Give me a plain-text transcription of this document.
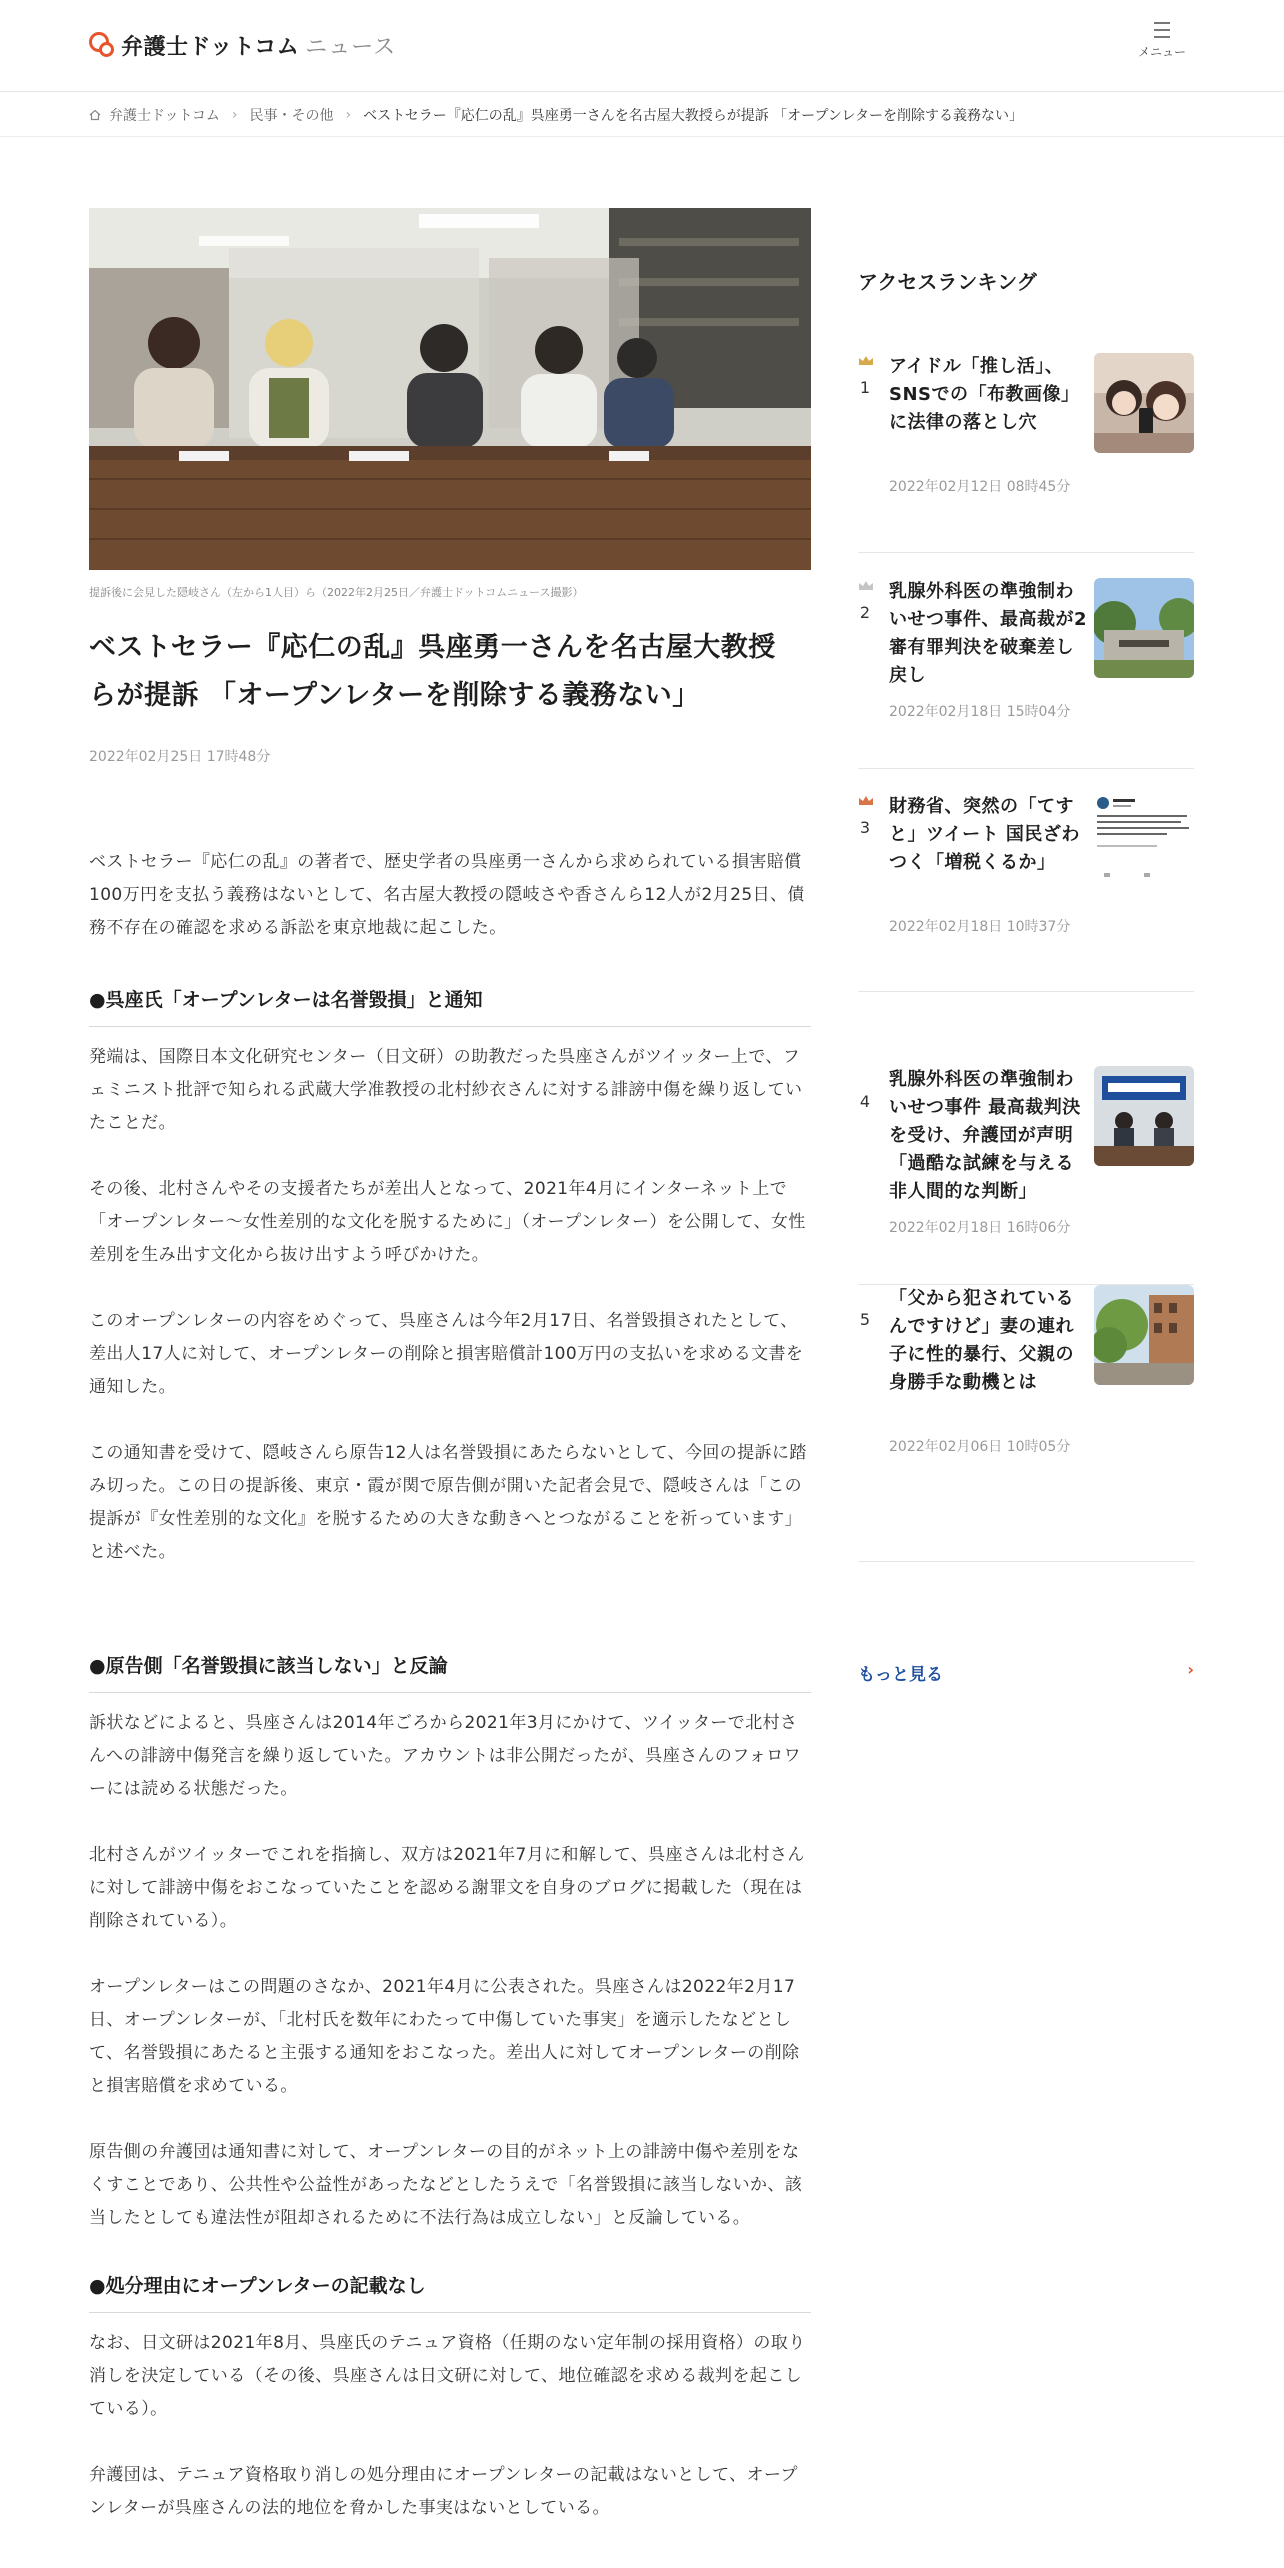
弁護士ドットコム ニュース	メニュー
弁護士ドットコム › 民事・その他 › ベストセラー『応仁の乱』呉座勇一さんを名古屋大教授らが提訴 「オープンレターを削除する義務ない」
提訴後に会見した隠岐さん（左から1人目）ら（2022年2月25日／弁護士ドットコムニュース撮影）
ベストセラー『応仁の乱』呉座勇一さんを名古屋大教授
らが提訴 「オープンレターを削除する義務ない」
2022年02月25日 17時48分

ベストセラー『応仁の乱』の著者で、歴史学者の呉座勇一さんから求められている損害賠償100万円を支払う義務はないとして、名古屋大教授の隠岐さや香さんら12人が2月25日、債務不存在の確認を求める訴訟を東京地裁に起こした。

●呉座氏「オープンレターは名誉毀損」と通知

発端は、国際日本文化研究センター（日文研）の助教だった呉座さんがツイッター上で、フェミニスト批評で知られる武蔵大学准教授の北村紗衣さんに対する誹謗中傷を繰り返していたことだ。

その後、北村さんやその支援者たちが差出人となって、2021年4月にインターネット上で「オープンレター〜女性差別的な文化を脱するために」（オープンレター）を公開して、女性差別を生み出す文化から抜け出すよう呼びかけた。

このオープンレターの内容をめぐって、呉座さんは今年2月17日、名誉毀損されたとして、差出人17人に対して、オープンレターの削除と損害賠償計100万円の支払いを求める文書を通知した。

この通知書を受けて、隠岐さんら原告12人は名誉毀損にあたらないとして、今回の提訴に踏み切った。この日の提訴後、東京・霞が関で原告側が開いた記者会見で、隠岐さんは「この提訴が『女性差別的な文化』を脱するための大きな動きへとつながることを祈っています」と述べた。

●原告側「名誉毀損に該当しない」と反論

訴状などによると、呉座さんは2014年ごろから2021年3月にかけて、ツイッターで北村さんへの誹謗中傷発言を繰り返していた。アカウントは非公開だったが、呉座さんのフォロワーには読める状態だった。

北村さんがツイッターでこれを指摘し、双方は2021年7月に和解して、呉座さんは北村さんに対して誹謗中傷をおこなっていたことを認める謝罪文を自身のブログに掲載した（現在は削除されている）。

オープンレターはこの問題のさなか、2021年4月に公表された。呉座さんは2022年2月17日、オープンレターが、「北村氏を数年にわたって中傷していた事実」を適示したなどとして、名誉毀損にあたると主張する通知をおこなった。差出人に対してオープンレターの削除と損害賠償を求めている。

原告側の弁護団は通知書に対して、オープンレターの目的がネット上の誹謗中傷や差別をなくすことであり、公共性や公益性があったなどとしたうえで「名誉毀損に該当しないか、該当したとしても違法性が阻却されるために不法行為は成立しない」と反論している。

●処分理由にオープンレターの記載なし

なお、日文研は2021年8月、呉座氏のテニュア資格（任期のない定年制の採用資格）の取り消しを決定している（その後、呉座さんは日文研に対して、地位確認を求める裁判を起こしている）。

弁護団は、テニュア資格取り消しの処分理由にオープンレターの記載はないとして、オープンレターが呉座さんの法的地位を脅かした事実はないとしている。

アクセスランキング
1
アイドル「推し活」、SNSでの「布教画像」に法律の落とし穴
2022年02月12日 08時45分
2
乳腺外科医の準強制わいせつ事件、最高裁が2審有罪判決を破棄差し戻し
2022年02月18日 15時04分
3
財務省、突然の「てすと」ツイート 国民ざわつく「増税くるか」
2022年02月18日 10時37分
4
乳腺外科医の準強制わいせつ事件 最高裁判決を受け、弁護団が声明「過酷な試練を与える非人間的な判断」
2022年02月18日 16時06分
5
「父から犯されているんですけど」妻の連れ子に性的暴行、父親の身勝手な動機とは
2022年02月06日 10時05分
もっと見る	›
